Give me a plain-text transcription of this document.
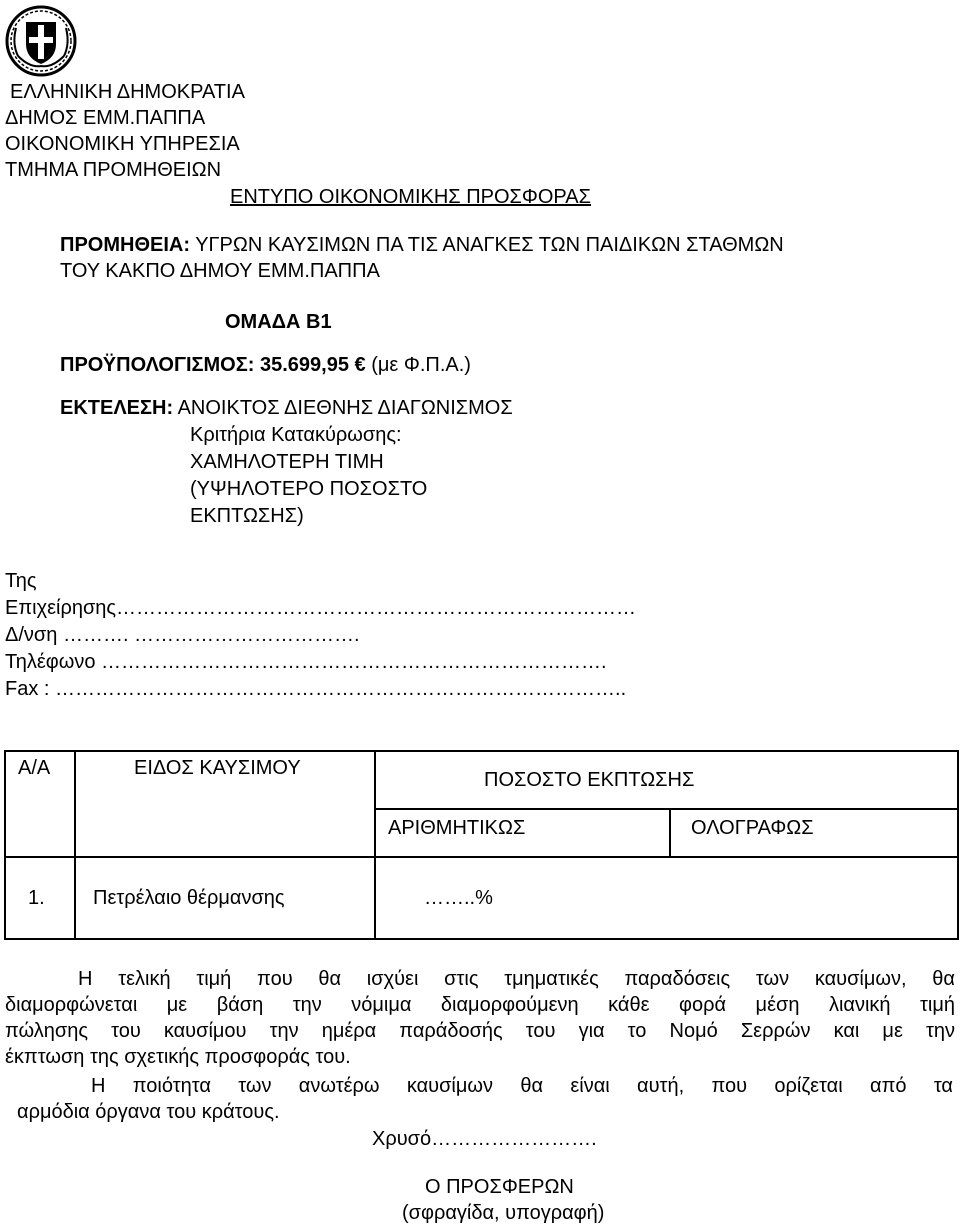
ΕΛΛΗΝΙΚΗ ΔΗΜΟΚΡΑΤΙΑ
ΔΗΜΟΣ ΕΜΜ.ΠΑΠΠΑ
ΟΙΚΟΝΟΜΙΚΗ ΥΠΗΡΕΣΙΑ
ΤΜΗΜΑ ΠΡΟΜΗΘΕΙΩΝ
ΕΝΤΥΠΟ ΟΙΚΟΝΟΜΙΚΗΣ ΠΡΟΣΦΟΡΑΣ
ΠΡΟΜΗΘΕΙΑ: ΥΓΡΩΝ ΚΑΥΣΙΜΩΝ ΠΑ ΤΙΣ ΑΝΑΓΚΕΣ ΤΩΝ ΠΑΙΔΙΚΩΝ ΣΤΑΘΜΩΝ
ΤΟΥ ΚΑΚΠΟ ΔΗΜΟΥ ΕΜΜ.ΠΑΠΠΑ
ΟΜΑΔΑ Β1
ΠΡΟΫΠΟΛΟΓΙΣΜΟΣ: 35.699,95 € (με Φ.Π.Α.)
ΕΚΤΕΛΕΣΗ: ΑΝΟΙΚΤΟΣ ΔΙΕΘΝΗΣ ΔΙΑΓΩΝΙΣΜΟΣ
Κριτήρια Κατακύρωσης:
ΧΑΜΗΛΟΤΕΡΗ ΤΙΜΗ
(ΥΨΗΛΟΤΕΡΟ ΠΟΣΟΣΤΟ
ΕΚΠΤΩΣΗΣ)
Της
Επιχείρησης……………………………………………………………………
Δ/νση ………. …………………………….
Τηλέφωνο ………………………………………………………………….
Fax : …………………………………………………………………………..
Α/Α	ΕΙΔΟΣ ΚΑΥΣΙΜΟΥ	ΠΟΣΟΣΤΟ ΕΚΠΤΩΣΗΣ	
		ΑΡΙΘΜΗΤΙΚΩΣ	ΟΛΟΓΡΑΦΩΣ
1.	Πετρέλαιο θέρμανσης	……..%	
Η τελική τιμή που θα ισχύει στις τμηματικές παραδόσεις των καυσίμων, θα
διαμορφώνεται με βάση την νόμιμα διαμορφούμενη κάθε φορά μέση λιανική τιμή
πώλησης του καυσίμου την ημέρα παράδοσής του για το Νομό Σερρών και με την
έκπτωση της σχετικής προσφοράς του.
Η ποιότητα των ανωτέρω καυσίμων θα είναι αυτή, που ορίζεται από τα
αρμόδια όργανα του κράτους.
Χρυσό…………………….
Ο ΠΡΟΣΦΕΡΩΝ
(σφραγίδα, υπογραφή)
